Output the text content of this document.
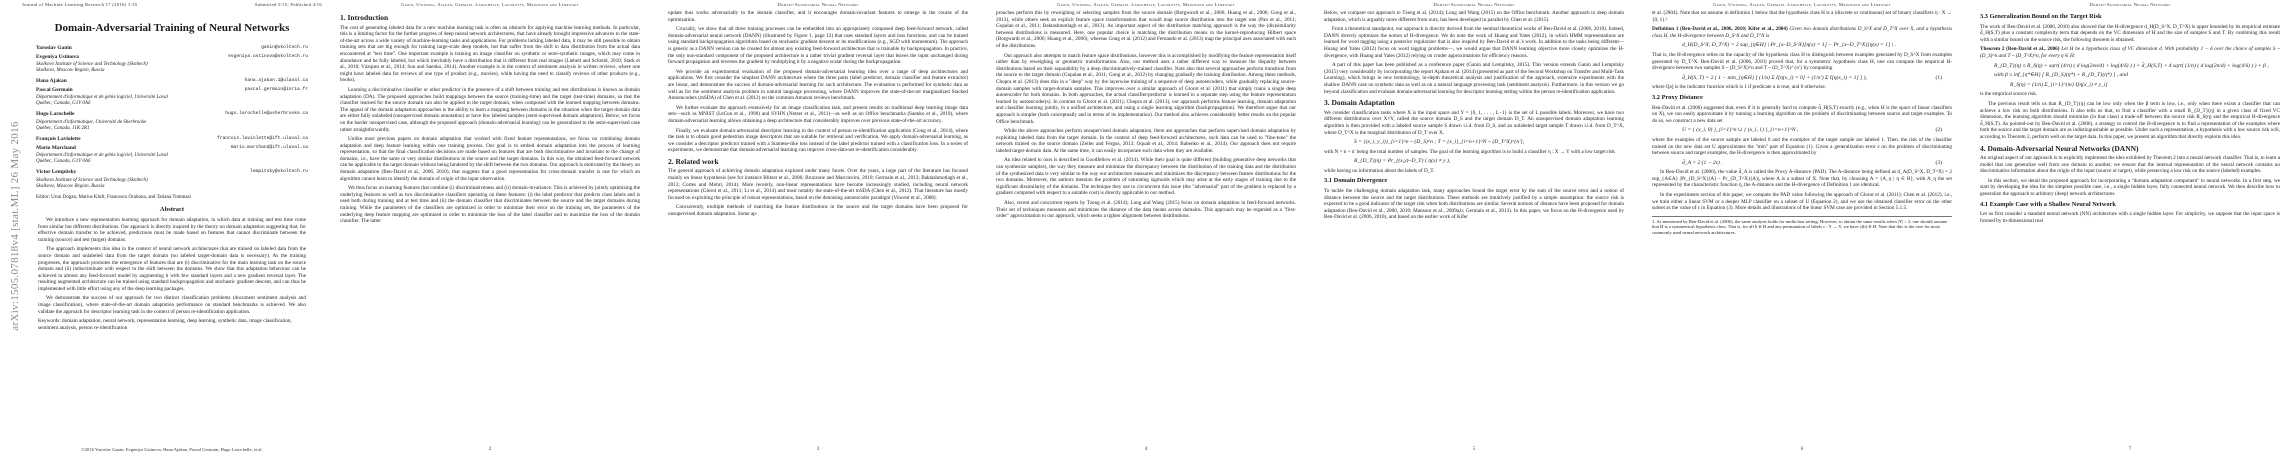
arXiv:1505.07818v4 [stat.ML] 26 May 2016
Journal of Machine Learning Research 17 (2016) 1-35	Submitted 5/15; Published 4/16
Domain-Adversarial Training of Neural Networks
Yaroslav Ganin	ganin@skoltech.ru
Evgeniya Ustinova	evgeniya.ustinova@skoltech.ru
Skolkovo Institute of Science and Technology (Skoltech)
Skolkovo, Moscow Region, Russia
Hana Ajakan	hana.ajakan.1@ulaval.ca
Pascal Germain	pascal.germain@inria.fr
Département d'informatique et de génie logiciel, Université Laval
Québec, Canada, G1V 0A6
Hugo Larochelle	hugo.larochelle@usherbrooke.ca
Département d'informatique, Université de Sherbrooke
Québec, Canada, J1K 2R1
François Laviolette	francois.laviolette@ift.ulaval.ca
Mario Marchand	mario.marchand@ift.ulaval.ca
Département d'informatique et de génie logiciel, Université Laval
Québec, Canada, G1V 0A6
Victor Lempitsky	lempitsky@skoltech.ru
Skolkovo Institute of Science and Technology (Skoltech)
Skolkovo, Moscow Region, Russia
Editor: Urun Dogan, Marius Kloft, Francesco Orabona, and Tatiana Tommasi
Abstract

We introduce a new representation learning approach for domain adaptation, in which data at training and test time come from similar but different distributions. Our approach is directly inspired by the theory on domain adaptation suggesting that, for effective domain transfer to be achieved, predictions must be made based on features that cannot discriminate between the training (source) and test (target) domains.

The approach implements this idea in the context of neural network architectures that are trained on labeled data from the source domain and unlabeled data from the target domain (no labeled target-domain data is necessary). As the training progresses, the approach promotes the emergence of features that are (i) discriminative for the main learning task on the source domain and (ii) indiscriminate with respect to the shift between the domains. We show that this adaptation behaviour can be achieved in almost any feed-forward model by augmenting it with few standard layers and a new gradient reversal layer. The resulting augmented architecture can be trained using standard backpropagation and stochastic gradient descent, and can thus be implemented with little effort using any of the deep learning packages.

We demonstrate the success of our approach for two distinct classification problems (document sentiment analysis and image classification), where state-of-the-art domain adaptation performance on standard benchmarks is achieved. We also validate the approach for descriptor learning task in the context of person re-identification application.

Keywords: domain adaptation, neural network, representation learning, deep learning, synthetic data, image classification, sentiment analysis, person re-identification
©2016 Yaroslav Ganin, Evgeniya Ustinova, Hana Ajakan, Pascal Germain, Hugo Larochelle, et al.
Ganin, Ustinova, Ajakan, Germain, Larochelle, Laviolette, Marchand and Lempitsky
1. Introduction

The cost of generating labeled data for a new machine learning task is often an obstacle for applying machine learning methods. In particular, this is a limiting factor for the further progress of deep neural network architectures, that have already brought impressive advances to the state-of-the-art across a wide variety of machine-learning tasks and applications. For problems lacking labeled data, it may be still possible to obtain training sets that are big enough for training large-scale deep models, but that suffer from the shift in data distribution from the actual data encountered at "test time". One important example is training an image classifier on synthetic or semi-synthetic images, which may come in abundance and be fully labeled, but which inevitably have a distribution that is different from real images (Liebelt and Schmid, 2010; Stark et al., 2010; Vázquez et al., 2014; Sun and Saenko, 2014). Another example is in the context of sentiment analysis in written reviews, where one might have labeled data for reviews of one type of product (e.g., movies), while having the need to classify reviews of other products (e.g., books).

Learning a discriminative classifier or other predictor in the presence of a shift between training and test distributions is known as domain adaptation (DA). The proposed approaches build mappings between the source (training-time) and the target (test-time) domains, so that the classifier learned for the source domain can also be applied to the target domain, when composed with the learned mapping between domains. The appeal of the domain adaptation approaches is the ability to learn a mapping between domains in the situation when the target domain data are either fully unlabeled (unsupervised domain annotation) or have few labeled samples (semi-supervised domain adaptation). Below, we focus on the harder unsupervised case, although the proposed approach (domain-adversarial learning) can be generalized to the semi-supervised case rather straightforwardly.

Unlike most previous papers on domain adaptation that worked with fixed feature representations, we focus on combining domain adaptation and deep feature learning within one training process. Our goal is to embed domain adaptation into the process of learning representation, so that the final classification decisions are made based on features that are both discriminative and invariant to the change of domains, i.e., have the same or very similar distributions in the source and the target domains. In this way, the obtained feed-forward network can be applicable to the target domain without being hindered by the shift between the two domains. Our approach is motivated by the theory on domain adaptation (Ben-David et al., 2006, 2010), that suggests that a good representation for cross-domain transfer is one for which an algorithm cannot learn to identify the domain of origin of the input observation.

We thus focus on learning features that combine (i) discriminativeness and (ii) domain-invariance. This is achieved by jointly optimizing the underlying features as well as two discriminative classifiers operating on these features: (i) the label predictor that predicts class labels and is used both during training and at test time and (ii) the domain classifier that discriminates between the source and the target domains during training. While the parameters of the classifiers are optimized in order to minimize their error on the training set, the parameters of the underlying deep feature mapping are optimized in order to minimize the loss of the label classifier and to maximize the loss of the domain classifier. The latter

2
Domain-Adversarial Neural Networks

update thus works adversarially to the domain classifier, and it encourages domain-invariant features to emerge in the course of the optimization.

Crucially, we show that all three training processes can be embedded into an appropriately composed deep feed-forward network, called domain-adversarial neural network (DANN) (illustrated by Figure 1, page 12) that uses standard layers and loss functions, and can be trained using standard backpropagation algorithms based on stochastic gradient descent or its modifications (e.g., SGD with momentum). The approach is generic as a DANN version can be created for almost any existing feed-forward architecture that is trainable by backpropagation. In practice, the only non-standard component of the proposed architecture is a rather trivial gradient reversal layer that leaves the input unchanged during forward propagation and reverses the gradient by multiplying it by a negative scalar during the backpropagation.

We provide an experimental evaluation of the proposed domain-adversarial learning idea over a range of deep architectures and applications. We first consider the simplest DANN architecture where the three parts (label predictor, domain classifier and feature extractor) are linear, and demonstrate the success of domain-adversarial learning for such architecture. The evaluation is performed for synthetic data as well as for the sentiment analysis problem in natural language processing, where DANN improves the state-of-the-art marginalized Stacked Autoencoders (mSDA) of Chen et al. (2012) on the common Amazon reviews benchmark.

We further evaluate the approach extensively for an image classification task, and present results on traditional deep learning image data sets—such as MNIST (LeCun et al., 1998) and SVHN (Netzer et al., 2011)—as well as on Office benchmarks (Saenko et al., 2010), where domain-adversarial learning allows obtaining a deep architecture that considerably improves over previous state-of-the-art accuracy.

Finally, we evaluate domain-adversarial descriptor learning in the context of person re-identification application (Gong et al., 2014), where the task is to obtain good pedestrian image descriptors that are suitable for retrieval and verification. We apply domain-adversarial learning, as we consider a descriptor predictor trained with a Siamese-like loss instead of the label predictor trained with a classification loss. In a series of experiments, we demonstrate that domain-adversarial learning can improve cross-data-set re-identification considerably.

2. Related work

The general approach of achieving domain adaptation explored under many facets. Over the years, a large part of the literature has focused mainly on linear hypothesis (see for instance Blitzer et al., 2006; Bruzzone and Marconcini, 2010; Germain et al., 2013; Baktashmotlagh et al., 2013; Cortes and Mohri, 2014). More recently, non-linear representations have become increasingly studied, including neural network representations (Glorot et al., 2011; Li et al., 2014) and most notably the state-of-the-art mSDA (Chen et al., 2012). That literature has mostly focused on exploiting the principle of robust representations, based on the denoising autoencoder paradigm (Vincent et al., 2008).

Concurrently, multiple methods of matching the feature distributions in the source and the target domains have been proposed for unsupervised domain adaptation. Some ap-

3
Ganin, Ustinova, Ajakan, Germain, Larochelle, Laviolette, Marchand and Lempitsky

proaches perform this by reweighing or selecting samples from the source domain (Borgwardt et al., 2006; Huang et al., 2006; Gong et al., 2013), while others seek an explicit feature space transformation that would map source distribution into the target one (Pan et al., 2011; Gopalan et al., 2011; Baktashmotlagh et al., 2013). An important aspect of the distribution matching approach is the way the (dis)similarity between distributions is measured. Here, one popular choice is matching the distribution means in the kernel-reproducing Hilbert space (Borgwardt et al., 2006; Huang et al., 2006), whereas Gong et al. (2012) and Fernando et al. (2013) map the principal axes associated with each of the distributions.

Our approach also attempts to match feature space distributions, however this is accomplished by modifying the feature representation itself rather than by reweighing or geometric transformation. Also, our method uses a rather different way to measure the disparity between distributions based on their separability by a deep discriminatively-trained classifier. Note also that several approaches perform transition from the source to the target domain (Gopalan et al., 2011; Gong et al., 2012) by changing gradually the training distribution. Among these methods, Chopra et al. (2013) does this in a "deep" way by the layerwise training of a sequence of deep autoencoders, while gradually replacing source-domain samples with target-domain samples. This improves over a similar approach of Glorot et al. (2011) that simply trains a single deep autoencoder for both domains. In both approaches, the actual classifier/predictor is learned in a separate step using the feature representation learned by autoencoder(s). In contrast to Glorot et al. (2011); Chopra et al. (2013), our approach performs feature learning, domain adaptation and classifier learning jointly, in a unified architecture, and using a single learning algorithm (backpropagation). We therefore argue that our approach is simpler (both conceptually and in terms of its implementation). Our method also achieves considerably better results on the popular Office benchmark.

While the above approaches perform unsupervised domain adaptation, there are approaches that perform supervised domain adaptation by exploiting labeled data from the target domain. In the context of deep feed-forward architectures, such data can be used to "fine-tune" the network trained on the source domain (Zeiler and Fergus, 2013; Oquab et al., 2014; Babenko et al., 2014). Our approach does not require labeled target-domain data. At the same time, it can easily incorporate such data when they are available.

An idea related to ours is described in Goodfellow et al. (2014). While their goal is quite different (building generative deep networks that can synthesize samples), the way they measure and minimize the discrepancy between the distribution of the training data and the distribution of the synthesized data is very similar to the way our architecture measures and minimizes the discrepancy between feature distributions for the two domains. Moreover, the authors mention the problem of saturating sigmoids which may arise at the early stages of training due to the significant dissimilarity of the domains. The technique they use to circumvent this issue (the "adversarial" part of the gradient is replaced by a gradient computed with respect to a suitable cost) is directly applicable to our method.

Also, recent and concurrent reports by Tzeng et al. (2014); Long and Wang (2015) focus on domain adaptation in feed-forward networks. Their set of techniques measures and minimizes the distance of the data means across domains. This approach may be regarded as a "first-order" approximation to our approach, which seeks a tighter alignment between distributions.

4
Domain-Adversarial Neural Networks

Below, we compare our approach to Tzeng et al. (2014); Long and Wang (2015) on the Office benchmark. Another approach to deep domain adaptation, which is arguably more different from ours, has been developed in parallel by Chen et al. (2015).

From a theoretical standpoint, our approach is directly derived from the seminal theoretical works of Ben-David et al. (2006, 2010). Indeed, DANN directly optimizes the notion of H-divergence. We do note the work of Huang and Yates (2012), in which HMM representations are learned for word tagging using a posterior regularizer that is also inspired by Ben-David et al.'s work. In addition to the tasks being different—Huang and Yates (2012) focus on word tagging problems—, we would argue that DANN learning objective more closely optimizes the H-divergence, with Huang and Yates (2012) relying on cruder approximations for efficiency reasons.

A part of this paper has been published as a conference paper (Ganin and Lempitsky, 2015). This version extends Ganin and Lempitsky (2015) very considerably by incorporating the report Ajakan et al. (2014) (presented as part of the Second Workshop on Transfer and Multi-Task Learning), which brings in new terminology, in-depth theoretical analysis and justification of the approach, extensive experiments with the shallow DANN case on synthetic data as well as on a natural language processing task (sentiment analysis). Furthermore, in this version we go beyond classification and evaluate domain-adversarial learning for descriptor learning setting within the person re-identification application.

3. Domain Adaptation

We consider classification tasks where X is the input space and Y = {0, 1, . . . , L−1} is the set of L possible labels. Moreover, we have two different distributions over X×Y, called the source domain D_S and the target domain D_T. An unsupervised domain adaptation learning algorithm is then provided with a labeled source sample S drawn i.i.d. from D_S, and an unlabeled target sample T drawn i.i.d. from D_T^X, where D_T^X is the marginal distribution of D_T over X.

S = {(x_i, y_i)}_{i=1}^n ~ (D_S)^n ; T = {x_i}_{i=n+1}^N ~ (D_T^X)^{n'},

with N = n + n' being the total number of samples. The goal of the learning algorithm is to build a classifier η : X → Y with a low target risk

R_{D_T}(η) = Pr_{(x,y)~D_T} ( η(x) ≠ y ),

while having no information about the labels of D_T.

3.1 Domain Divergence

To tackle the challenging domain adaptation task, many approaches bound the target error by the sum of the source error and a notion of distance between the source and the target distributions. These methods are intuitively justified by a simple assumption: the source risk is expected to be a good indicator of the target risk when both distributions are similar. Several notions of distance have been proposed for domain adaptation (Ben-David et al., 2006, 2010; Mansour et al., 2009a,b; Germain et al., 2013). In this paper, we focus on the H-divergence used by Ben-David et al. (2006, 2010), and based on the earlier work of Kifer

5
Ganin, Ustinova, Ajakan, Germain, Larochelle, Laviolette, Marchand and Lempitsky

et al. (2004). Note that we assume in definition 1 below that the hypothesis class H is a (discrete or continuous) set of binary classifiers η : X → {0, 1}.¹

Definition 1 (Ben-David et al., 2006, 2010; Kifer et al., 2004) Given two domain distributions D_S^X and D_T^X over X, and a hypothesis class H, the H-divergence between D_S^X and D_T^X is
d_H(D_S^X, D_T^X) = 2 sup_{η∈H} | Pr_{x~D_S^X}[η(x) = 1] − Pr_{x~D_T^X}[η(x) = 1] | .

That is, the H-divergence relies on the capacity of the hypothesis class H to distinguish between examples generated by D_S^X from examples generated by D_T^X. Ben-David et al. (2006, 2010) proved that, for a symmetric hypothesis class H, one can compute the empirical H-divergence between two samples S ~ (D_S^X)^n and T ~ (D_T^X)^{n'} by computing

d̂_H(S, T) = 2 ( 1 − min_{η∈H} [ (1/n) Σ I[η(x_i) = 0] + (1/n') Σ I[η(x_i) = 1] ] ),	(1)

where I[a] is the indicator function which is 1 if predicate a is true, and 0 otherwise.

3.2 Proxy Distance

Ben-David et al. (2006) suggested that, even if it is generally hard to compute d̂_H(S,T) exactly (e.g., when H is the space of linear classifiers on X), we can easily approximate it by running a learning algorithm on the problem of discriminating between source and target examples. To do so, we construct a new data set

U = { (x_i, 0) }_{i=1}^n ∪ { (x_i, 1) }_{i=n+1}^N ,	(2)

where the examples of the source sample are labeled 0 and the examples of the target sample are labeled 1. Then, the risk of the classifier trained on the new data set U approximates the "min" part of Equation (1). Given a generalization error ε on the problem of discriminating between source and target examples, the H-divergence is then approximated by

d̂_A = 2 (1 − 2ε) .	(3)

In Ben-David et al. (2006), the value d̂_A is called the Proxy A-distance (PAD). The A-distance being defined as d_A(D_S^X, D_T^X) = 2 sup_{A∈A} |Pr_{D_S^X}(A) − Pr_{D_T^X}(A)|, where A is a subset of X. Note that, by choosing A = {A_η | η ∈ H}, with A_η the set represented by the characteristic function η, the A-distance and the H-divergence of Definition 1 are identical.

In the experiments section of this paper, we compute the PAD value following the approach of Glorot et al. (2011); Chen et al. (2012), i.e., we train either a linear SVM or a deeper MLP classifier on a subset of U (Equation 2), and we use the obtained classifier error on the other subset as the value of ε in Equation (3). More details and illustrations of the linear SVM case are provided in Section 5.1.5.

1. As mentioned by Ben-David et al. (2006), the same analysis holds for multiclass setting. However, to obtain the same results when |Y| > 2, one should assume that H is a symmetrical hypothesis class. That is, for all h ∈ H and any permutation of labels c : Y → Y, we have c(h) ∈ H. Note that this is the case for most commonly used neural network architectures.
6
Domain-Adversarial Neural Networks
3.3 Generalization Bound on the Target Risk

The work of Ben-David et al. (2006, 2010) also showed that the H-divergence d_H(D_S^X, D_T^X) is upper bounded by its empirical estimate d̂_H(S,T) plus a constant complexity term that depends on the VC dimension of H and the size of samples S and T. By combining this result with a similar bound on the source risk, the following theorem is obtained.

Theorem 2 (Ben-David et al., 2006) Let H be a hypothesis class of VC dimension d. With probability 1 − δ over the choice of samples S ~ (D_S)^n and T ~ (D_T^X)^n, for every η ∈ H:
R_{D_T}(η) ≤ R_S(η) + sqrt( (4/n) ( d log(2en/d) + log(4/δ) ) ) + d̂_H(S,T) + 4 sqrt( (1/n) ( d log(2n/d) + log(4/δ) ) ) + β ,
with β ≥ inf_{η*∈H} [ R_{D_S}(η*) + R_{D_T}(η*) ] , and
R_S(η) = (1/n) Σ_{i=1}^{m} I[η(x_i) ≠ y_i]

is the empirical source risk.

The previous result tells us that R_{D_T}(η) can be low only when the β term is low, i.e., only when there exists a classifier that can achieve a low risk on both distributions. It also tells us that, to find a classifier with a small R_{D_T}(η) in a given class of fixed VC dimension, the learning algorithm should minimize (in that class) a trade-off between the source risk R_S(η) and the empirical H-divergence d̂_H(S,T). As pointed-out by Ben-David et al. (2006), a strategy to control the H-divergence is to find a representation of the examples where both the source and the target domain are as indistinguishable as possible. Under such a representation, a hypothesis with a low source risk will, according to Theorem 2, perform well on the target data. In this paper, we present an algorithm that directly exploits this idea.

4. Domain-Adversarial Neural Networks (DANN)

An original aspect of our approach is to explicitly implement the idea exhibited by Theorem 2 into a neural network classifier. That is, to learn a model that can generalize well from one domain to another, we ensure that the internal representation of the neural network contains no discriminative information about the origin of the input (source or target), while preserving a low risk on the source (labeled) examples.

In this section, we detail the proposed approach for incorporating a "domain adaptation component" to neural networks. In a first step, we start by developing the idea for the simplest possible case, i.e., a single hidden layer, fully connected neural network. We then describe how to generalize the approach to arbitrary (deep) network architectures.

4.1 Example Case with a Shallow Neural Network

Let us first consider a standard neural network (NN) architecture with a single hidden layer. For simplicity, we suppose that the input space is formed by m-dimensional real

7
